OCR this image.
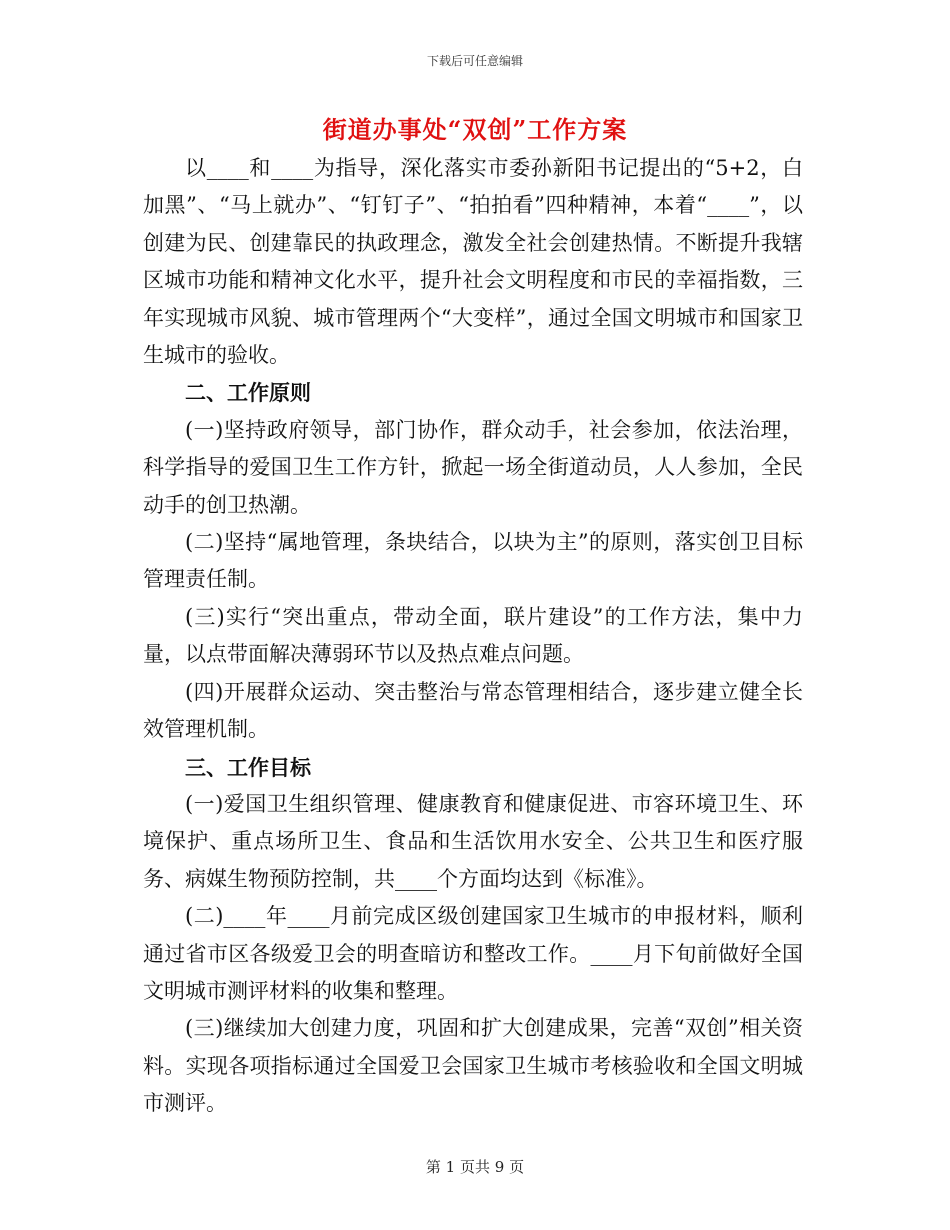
下载后可任意编辑
街道办事处“双创”工作方案

以____和____为指导，深化落实市委孙新阳书记提出的“5+2，白加黑”、“马上就办”、“钉钉子”、“拍拍看”四种精神，本着“____”，以创建为民、创建靠民的执政理念，激发全社会创建热情。不断提升我辖区城市功能和精神文化水平，提升社会文明程度和市民的幸福指数，三年实现城市风貌、城市管理两个“大变样”，通过全国文明城市和国家卫生城市的验收。

二、工作原则

(一)坚持政府领导，部门协作，群众动手，社会参加，依法治理，科学指导的爱国卫生工作方针，掀起一场全街道动员，人人参加，全民动手的创卫热潮。

(二)坚持“属地管理，条块结合，以块为主”的原则，落实创卫目标管理责任制。

(三)实行“突出重点，带动全面，联片建设”的工作方法，集中力量，以点带面解决薄弱环节以及热点难点问题。

(四)开展群众运动、突击整治与常态管理相结合，逐步建立健全长效管理机制。

三、工作目标

(一)爱国卫生组织管理、健康教育和健康促进、市容环境卫生、环境保护、重点场所卫生、食品和生活饮用水安全、公共卫生和医疗服务、病媒生物预防控制，共____个方面均达到《标准》。

(二)____年____月前完成区级创建国家卫生城市的申报材料，顺利通过省市区各级爱卫会的明查暗访和整改工作。____月下旬前做好全国文明城市测评材料的收集和整理。

(三)继续加大创建力度，巩固和扩大创建成果，完善“双创”相关资料。实现各项指标通过全国爱卫会国家卫生城市考核验收和全国文明城市测评。

第 1 页共 9 页
